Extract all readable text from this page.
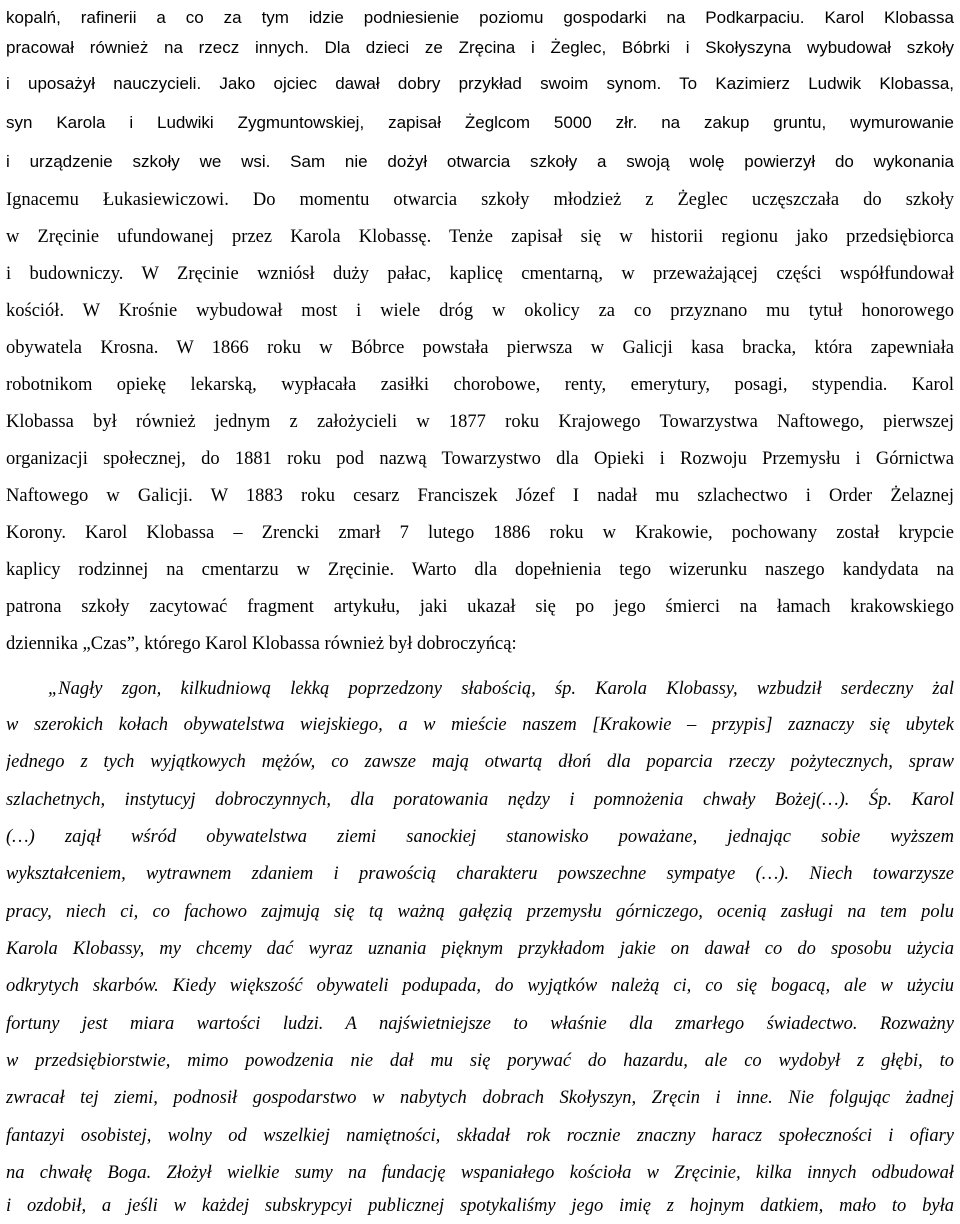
kopalń, rafinerii a co za tym idzie podniesienie poziomu gospodarki na Podkarpaciu. Karol Klobassa
pracował również na rzecz innych. Dla dzieci ze Zręcina i Żeglec, Bóbrki i Skołyszyna wybudował szkoły
i uposażył nauczycieli. Jako ojciec dawał dobry przykład swoim synom. To Kazimierz Ludwik Klobassa,
syn Karola i Ludwiki Zygmuntowskiej, zapisał Żeglcom 5000 złr. na zakup gruntu, wymurowanie
i urządzenie szkoły we wsi. Sam nie dożył otwarcia szkoły a swoją wolę powierzył do wykonania
Ignacemu Łukasiewiczowi. Do momentu otwarcia szkoły młodzież z Żeglec uczęszczała do szkoły
w Zręcinie ufundowanej przez Karola Klobassę. Tenże zapisał się w historii regionu jako przedsiębiorca
i budowniczy. W Zręcinie wzniósł duży pałac, kaplicę cmentarną, w przeważającej części współfundował
kościół. W Krośnie wybudował most i wiele dróg w okolicy za co przyznano mu tytuł honorowego
obywatela Krosna. W 1866 roku w Bóbrce powstała pierwsza w Galicji kasa bracka, która zapewniała
robotnikom opiekę lekarską, wypłacała zasiłki chorobowe, renty, emerytury, posagi, stypendia. Karol
Klobassa był również jednym z założycieli w 1877 roku Krajowego Towarzystwa Naftowego, pierwszej
organizacji społecznej, do 1881 roku pod nazwą Towarzystwo dla Opieki i Rozwoju Przemysłu i Górnictwa
Naftowego w Galicji. W 1883 roku cesarz Franciszek Józef I nadał mu szlachectwo i Order Żelaznej
Korony. Karol Klobassa – Zrencki zmarł 7 lutego 1886 roku w Krakowie, pochowany został krypcie
kaplicy rodzinnej na cmentarzu w Zręcinie. Warto dla dopełnienia tego wizerunku naszego kandydata na
patrona szkoły zacytować fragment artykułu, jaki ukazał się po jego śmierci na łamach krakowskiego
dziennika „Czas”, którego Karol Klobassa również był dobroczyńcą:
„Nagły zgon, kilkudniową lekką poprzedzony słabością, śp. Karola Klobassy, wzbudził serdeczny żal
w szerokich kołach obywatelstwa wiejskiego, a w mieście naszem [Krakowie – przypis] zaznaczy się ubytek
jednego z tych wyjątkowych mężów, co zawsze mają otwartą dłoń dla poparcia rzeczy pożytecznych, spraw
szlachetnych, instytucyj dobroczynnych, dla poratowania nędzy i pomnożenia chwały Bożej(…). Śp. Karol
(…) zajął wśród obywatelstwa ziemi sanockiej stanowisko poważane, jednając sobie wyższem
wykształceniem, wytrawnem zdaniem i prawością charakteru powszechne sympatye (…). Niech towarzysze
pracy, niech ci, co fachowo zajmują się tą ważną gałęzią przemysłu górniczego, ocenią zasługi na tem polu
Karola Klobassy, my chcemy dać wyraz uznania pięknym przykładom jakie on dawał co do sposobu użycia
odkrytych skarbów. Kiedy większość obywateli podupada, do wyjątków należą ci, co się bogacą, ale w użyciu
fortuny jest miara wartości ludzi. A najświetniejsze to właśnie dla zmarłego świadectwo. Rozważny
w przedsiębiorstwie, mimo powodzenia nie dał mu się porywać do hazardu, ale co wydobył z głębi, to
zwracał tej ziemi, podnosił gospodarstwo w nabytych dobrach Skołyszyn, Zręcin i inne. Nie folgując żadnej
fantazyi osobistej, wolny od wszelkiej namiętności, składał rok rocznie znaczny haracz społeczności i ofiary
na chwałę Boga. Złożył wielkie sumy na fundację wspaniałego kościoła w Zręcinie, kilka innych odbudował
i ozdobił, a jeśli w każdej subskrypcyi publicznej spotykaliśmy jego imię z hojnym datkiem, mało to była
